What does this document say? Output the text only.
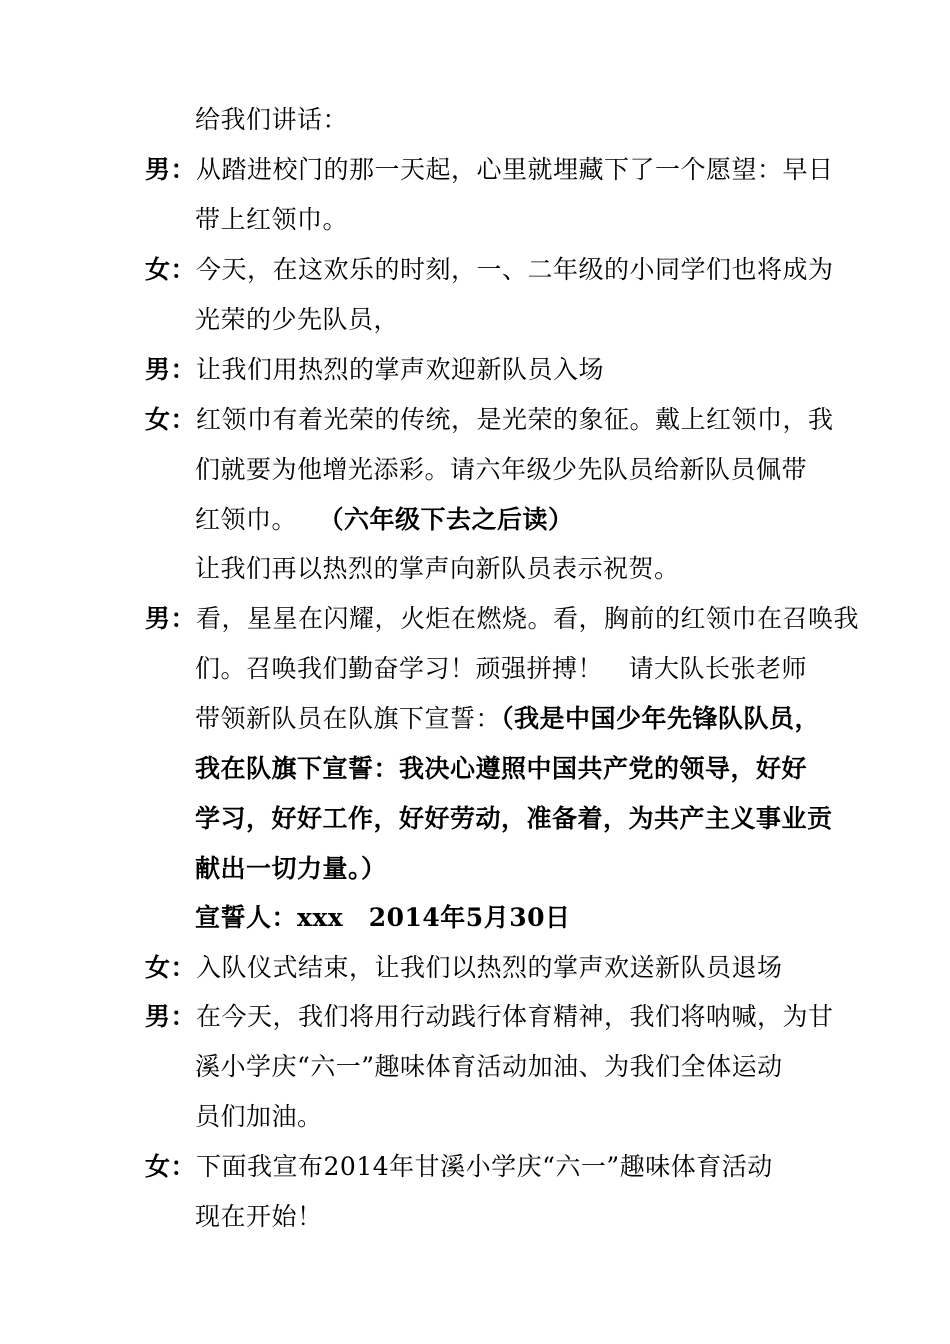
给我们讲话：
男：从踏进校门的那一天起，心里就埋藏下了一个愿望：早日
带上红领巾。
女：今天，在这欢乐的时刻，一、二年级的小同学们也将成为
光荣的少先队员，
男：让我们用热烈的掌声欢迎新队员入场
女：红领巾有着光荣的传统，是光荣的象征。戴上红领巾，我
们就要为他增光添彩。请六年级少先队员给新队员佩带
红领巾。 （六年级下去之后读）
让我们再以热烈的掌声向新队员表示祝贺。
男：看，星星在闪耀，火炬在燃烧。看，胸前的红领巾在召唤我
们。召唤我们勤奋学习！顽强拼搏！　请大队长张老师
带领新队员在队旗下宣誓：（我是中国少年先锋队队员，
我在队旗下宣誓：我决心遵照中国共产党的领导，好好
学习，好好工作，好好劳动，准备着，为共产主义事业贡
献出一切力量。）
宣誓人：xxx　2014年5月30日
女：入队仪式结束，让我们以热烈的掌声欢送新队员退场
男：在今天，我们将用行动践行体育精神，我们将呐喊，为甘
溪小学庆“六一”趣味体育活动加油、为我们全体运动
员们加油。
女：下面我宣布2014年甘溪小学庆“六一”趣味体育活动
现在开始！
